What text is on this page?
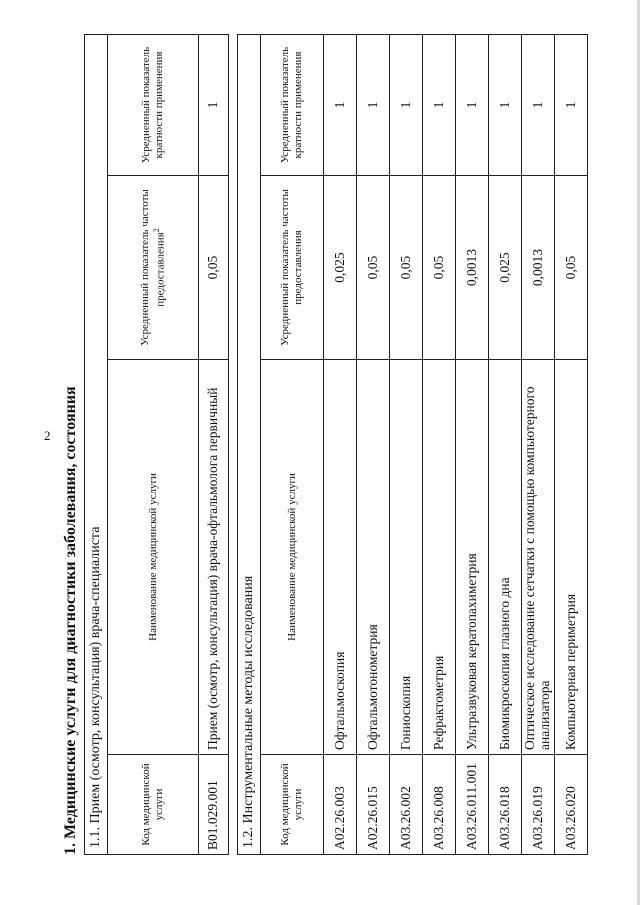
2 1. Медицинские услуги для диагностики заболевания, состояния 1.1. Прием (осмотр, консультация) врача-специалиста			
Код медицинской услуги	Наименование медицинской услуги	Усредненный показатель частоты предоставления$^2$	Усредненный показатель кратности применения
B01.029.001	Прием (осмотр, консультация) врача-офтальмолога первичный	0,05	1
1.2. Инструментальные методы исследования			
Код медицинской услуги	Наименование медицинской услуги	Усредненный показатель частоты предоставления	Усредненный показатель кратности применения
A02.26.003	Офтальмоскопия	0,025	1
A02.26.015	Офтальмотонометрия	0,05	1
A03.26.002	Гониоскопия	0,05	1
A03.26.008	Рефрактометрия	0,05	1
A03.26.011.001	Ультразвуковая кератопахиметрия	0,0013	1
A03.26.018	Биомикроскопия глазного дна	0,025	1
A03.26.019	Оптическое исследование сетчатки с помощью компьютерного анализатора	0,0013	1
A03.26.020	Компьютерная периметрия	0,05	1
